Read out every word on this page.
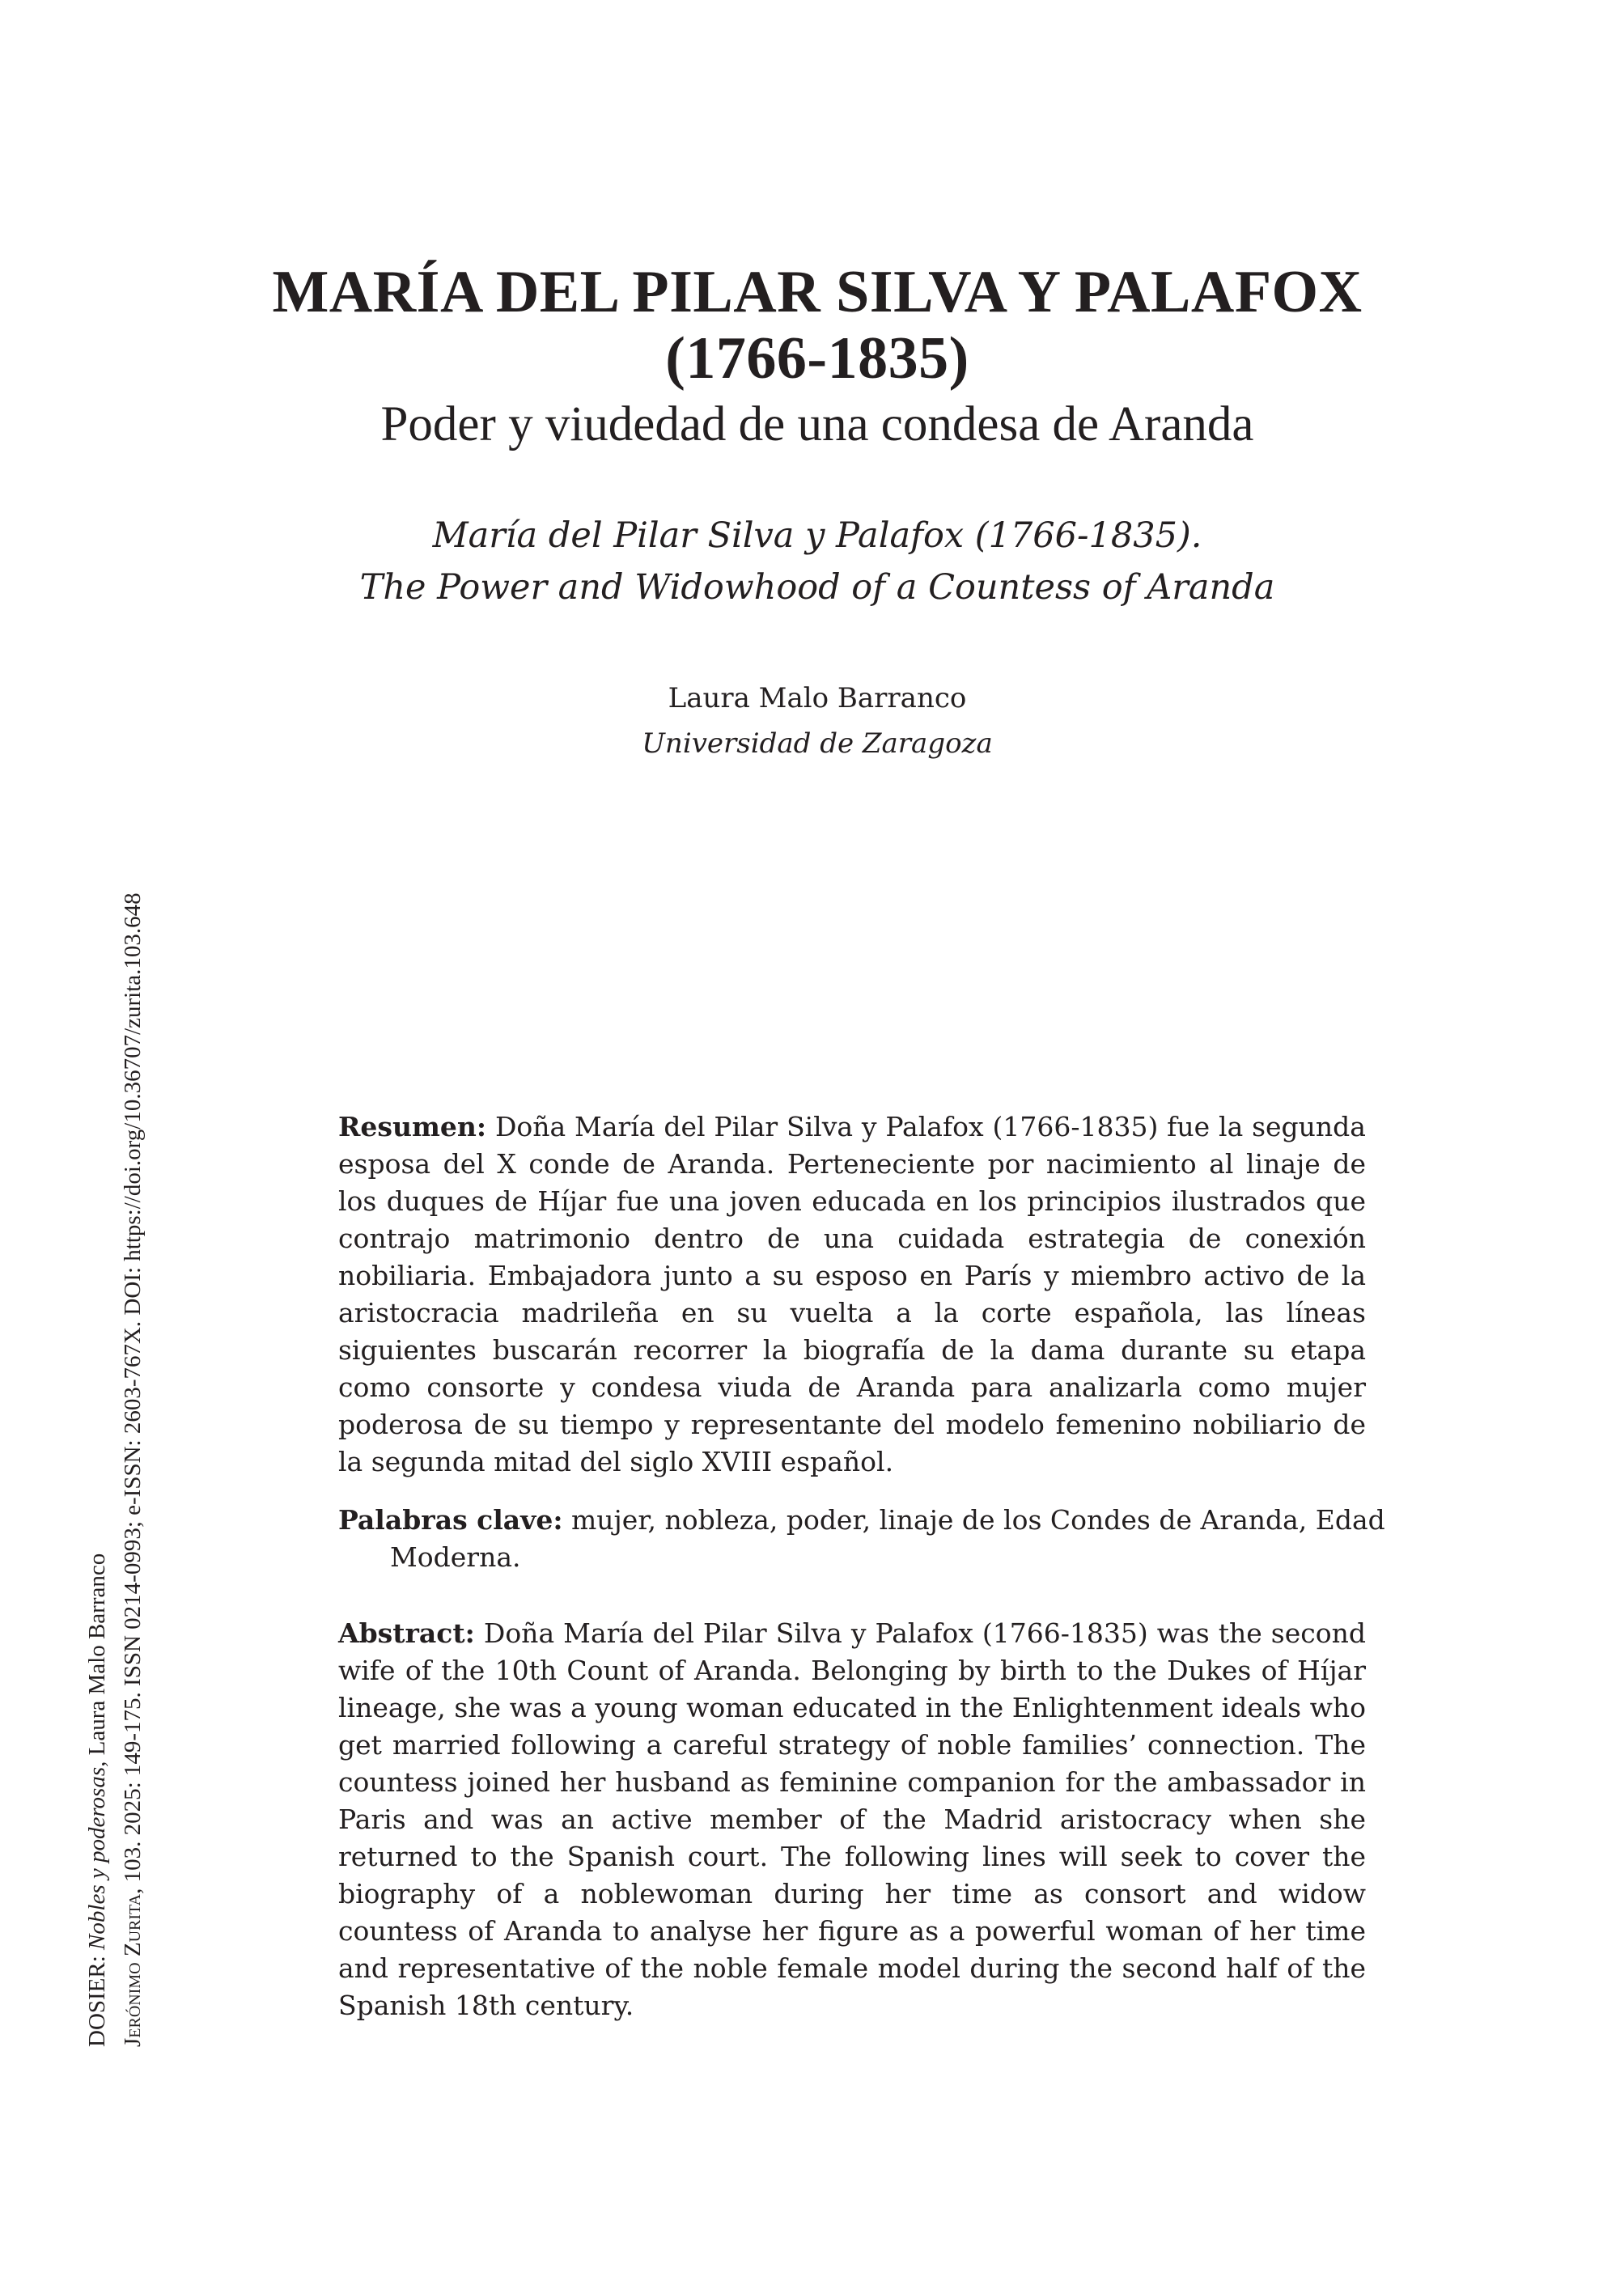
MARÍA DEL PILAR SILVA Y PALAFOX
(1766-1835)

Poder y viudedad de una condesa de Aranda

María del Pilar Silva y Palafox (1766-1835).
The Power and Widowhood of a Countess of Aranda

Laura Malo Barranco

Universidad de Zaragoza

Resumen: Doña María del Pilar Silva y Palafox (1766-1835) fue la segunda esposa del X conde de Aranda. Perteneciente por nacimiento al linaje de los duques de Híjar fue una joven educada en los principios ilustrados que contrajo matrimonio dentro de una cuidada estrategia de conexión nobiliaria. Embajadora junto a su esposo en París y miembro activo de la aristocracia madrileña en su vuelta a la corte española, las líneas siguientes buscarán recorrer la biografía de la dama durante su etapa como consorte y condesa viuda de Aranda para analizarla como mujer poderosa de su tiempo y representante del modelo femenino nobiliario de la segunda mitad del siglo XVIII español.

Palabras clave: mujer, nobleza, poder, linaje de los Condes de Aranda, Edad Moderna.

Abstract: Doña María del Pilar Silva y Palafox (1766-1835) was the second wife of the 10th Count of Aranda. Belonging by birth to the Dukes of Híjar lineage, she was a young woman educated in the Enlightenment ideals who get married following a careful strategy of noble families’ connection. The countess joined her husband as feminine companion for the ambassador in Paris and was an active member of the Madrid aristocracy when she returned to the Spanish court. The following lines will seek to cover the biography of a noblewoman during her time as consort and widow countess of Aranda to analyse her figure as a powerful woman of her time and representative of the noble female model during the second half of the Spanish 18th century.

DOSIER: Nobles y poderosas, Laura Malo Barranco
Jerónimo Zurita, 103. 2025: 149-175. ISSN 0214-0993; e-ISSN: 2603-767X. DOI: https://doi.org/10.36707/zurita.103.648
